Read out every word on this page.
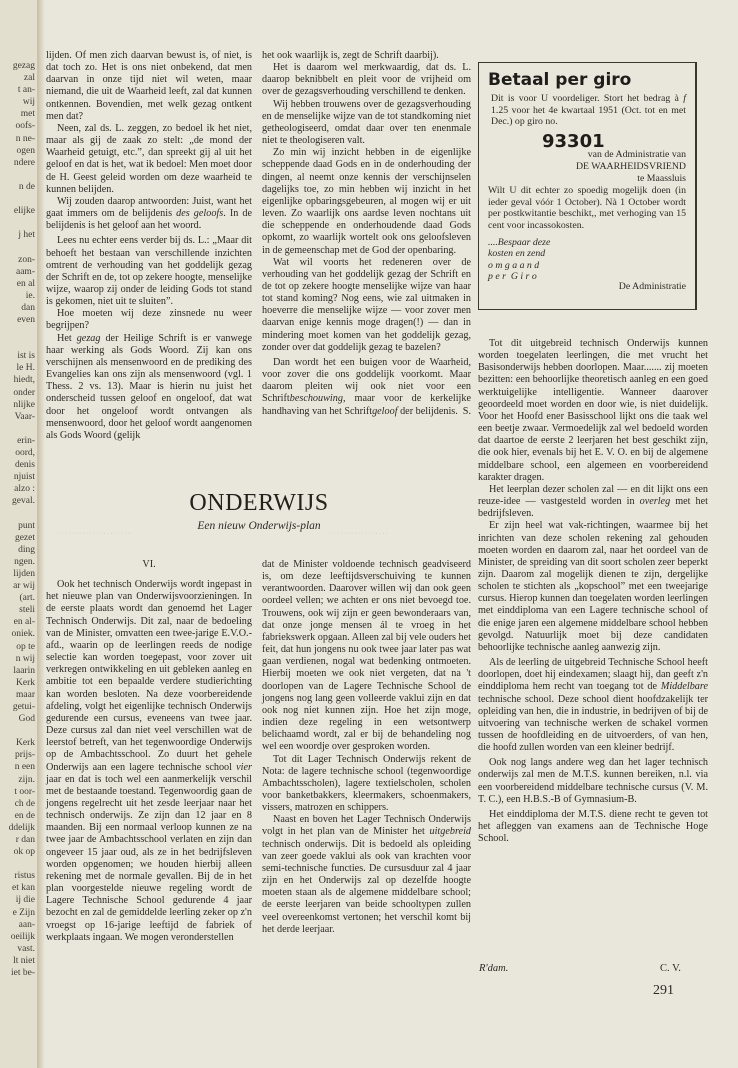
gezag
zal
t an-
wij
met
oofs-
n ne-
ogen
ndere

n de

elijke

j het

zon-
aam-
en al
ie.
dan
even

ist is
le H.
hiedt,
onder
nlijke
Vaar-

erin-
oord,
denis
njuist
alzo :
geval.

punt
gezet
ding
ngen.
lijden
ar wij
(art.
steli
en al-
oniek.
op te
n wij
laarin
Kerk
maar
getui-
God

Kerk
prijs-
n een
zijn.
t oor-
ch de
en de
ddelijk
r dan
ok op

ristus
et kan
ij die
e Zijn
aan-
oeilijk
vast.
lt niet
iet be-

lijden. Of men zich daarvan bewust is, of niet, is dat toch zo. Het is ons niet onbekend, dat men daarvan in onze tijd niet wil weten, maar niemand, die uit de Waarheid leeft, zal dat kunnen ontkennen. Bovendien, met welk gezag ontkent men dat?

Neen, zal ds. L. zeggen, zo bedoel ik het niet, maar als gij de zaak zo stelt: „de mond der Waarheid getuigt, etc.”, dan spreekt gij al uit het geloof en dat is het, wat ik bedoel: Men moet door de H. Geest geleid worden om deze waarheid te kunnen belijden.

Wij zouden daarop antwoorden: Juist, want het gaat immers om de belijdenis des geloofs. In de belijdenis is het geloof aan het woord.

Lees nu echter eens verder bij ds. L.: „Maar dit behoeft het bestaan van verschillende inzichten omtrent de verhouding van het goddelijk gezag der Schrift en de, tot op zekere hoogte, menselijke wijze, waarop zij onder de leiding Gods tot stand is gekomen, niet uit te sluiten”.

Hoe moeten wij deze zinsnede nu weer begrijpen?

Het gezag der Heilige Schrift is er vanwege haar werking als Gods Woord. Zij kan ons verschijnen als mensenwoord en de prediking des Evangelies kan ons zijn als mensenwoord (vgl. 1 Thess. 2 vs. 13). Maar is hierin nu juist het onderscheid tussen geloof en ongeloof, dat wat door het ongeloof wordt ontvangen als mensenwoord, door het geloof wordt aangenomen als Gods Woord (gelijk

het ook waarlijk is, zegt de Schrift daarbij).

Het is daarom wel merkwaardig, dat ds. L. daarop beknibbelt en pleit voor de vrijheid om over de gezagsverhouding verschillend te denken.

Wij hebben trouwens over de gezagsverhouding en de menselijke wijze van de tot standkoming niet getheologiseerd, omdat daar over ten enenmale niet te theologiseren valt.

Zo min wij inzicht hebben in de eigenlijke scheppende daad Gods en in de onderhouding der dingen, al neemt onze kennis der verschijnselen dagelijks toe, zo min hebben wij inzicht in het eigenlijke opbaringsgebeuren, al mogen wij er uit leven. Zo waarlijk ons aardse leven nochtans uit die scheppende en onderhoudende daad Gods opkomt, zo waarlijk wortelt ook ons geloofsleven in de gemeenschap met de God der openbaring.

Wat wil voorts het redeneren over de verhouding van het goddelijk gezag der Schrift en de tot op zekere hoogte menselijke wijze van haar tot stand koming? Nog eens, wie zal uitmaken in hoeverre die menselijke wijze — voor zover men daarvan enige kennis moge dragen(!) — dan in mindering moet komen van het goddelijk gezag, zonder over dat goddelijk gezag te bazelen?

Dan wordt het een buigen voor de Waarheid, voor zover die ons goddelijk voorkomt. Maar daarom pleiten wij ook niet voor een Schriftbeschouwing, maar voor de kerkelijke handhaving van het Schriftgeloof der belijdenis. S.
Betaal per giro
Dit is voor U voordeliger. Stort het bedrag à f 1.25 voor het 4e kwartaal 1951 (Oct. tot en met Dec.) op giro no.
93301
van de Administratie van
DE WAARHEIDSVRIEND
te Maassluis
Wilt U dit echter zo spoedig mogelijk doen (in ieder geval vóór 1 October). Nà 1 October wordt per postkwitantie beschikt,, met verhoging van 15 cent voor incassokosten.
....Bespaar deze
kosten en zend
o m g a a n d
p e r  G i r o
De Administratie

Tot dit uitgebreid technisch Onderwijs kunnen worden toegelaten leerlingen, die met vrucht het Basisonderwijs hebben doorlopen. Maar....... zij moeten bezitten: een behoorlijke theoretisch aanleg en een goed werktuigelijke intelligentie. Wanneer daarover geoordeeld moet worden en door wie, is niet duidelijk. Voor het Hoofd ener Basisschool lijkt ons die taak wel een beetje zwaar. Vermoedelijk zal wel bedoeld worden dat daartoe de eerste 2 leerjaren het best geschikt zijn, die ook hier, evenals bij het E. V. O. en bij de algemene middelbare school, een algemeen en voorbereidend karakter dragen.

Het leerplan dezer scholen zal — en dit lijkt ons een reuze-idee — vastgesteld worden in overleg met het bedrijfsleven.

Er zijn heel wat vak-richtingen, waarmee bij het inrichten van deze scholen rekening zal gehouden moeten worden en daarom zal, naar het oordeel van de Minister, de spreiding van dit soort scholen zeer beperkt zijn. Daarom zal mogelijk dienen te zijn, dergelijke scholen te stichten als „kopschool” met een tweejarige cursus. Hierop kunnen dan toegelaten worden leerlingen met einddiploma van een Lagere technische school of die enige jaren een algemene middelbare school hebben gevolgd. Natuurlijk moet bij deze candidaten behoorlijke technische aanleg aanwezig zijn.

Als de leerling de uitgebreid Technische School heeft doorlopen, doet hij eindexamen; slaagt hij, dan geeft z'n einddiploma hem recht van toegang tot de Middelbare technische school. Deze school dient hoofdzakelijk ter opleiding van hen, die in industrie, in bedrijven of bij de uitvoering van technische werken de schakel vormen tussen de hoofdleiding en de uitvoerders, of van hen, die hoofd zullen worden van een kleiner bedrijf.

Ook nog langs andere weg dan het lager technisch onderwijs zal men de M.T.S. kunnen bereiken, n.l. via een voorbereidend middelbare technische cursus (V. M. T. C.), een H.B.S.-B of Gymnasium-B.

Het einddiploma der M.T.S. diene recht te geven tot het afleggen van examens aan de Technische Hoge School.

· · · · · · · · · · · · · · · · · · · · ·	· · · · · · · · · · · · · · · · ·
ONDERWIJS
Een nieuw Onderwijs-plan
VI.

Ook het technisch Onderwijs wordt ingepast in het nieuwe plan van Onderwijsvoorzieningen. In de eerste plaats wordt dan genoemd het Lager Technisch Onderwijs. Dit zal, naar de bedoeling van de Minister, omvatten een twee-jarige E.V.O.-afd., waarin op de leerlingen reeds de nodige selectie kan worden toegepast, voor zover uit verkregen ontwikkeling en uit gebleken aanleg en ambitie tot een bepaalde verdere studierichting kan worden besloten. Na deze voorbereidende afdeling, volgt het eigenlijke technisch Onderwijs gedurende een cursus, eveneens van twee jaar. Deze cursus zal dan niet veel verschillen wat de leerstof betreft, van het tegenwoordige Onderwijs op de Ambachtsschool. Zo duurt het gehele Onderwijs aan een lagere technische school vier jaar en dat is toch wel een aanmerkelijk verschil met de bestaande toestand. Tegenwoordig gaan de jongens regelrecht uit het zesde leerjaar naar het technisch onderwijs. Ze zijn dan 12 jaar en 8 maanden. Bij een normaal verloop kunnen ze na twee jaar de Ambachtsschool verlaten en zijn dan ongeveer 15 jaar oud, als ze in het bedrijfsleven worden opgenomen; we houden hierbij alleen rekening met de normale gevallen. Bij de in het plan voorgestelde nieuwe regeling wordt de Lagere Technische School gedurende 4 jaar bezocht en zal de gemiddelde leerling zeker op z'n vroegst op 16-jarige leeftijd de fabriek of werkplaats ingaan. We mogen veronderstellen

dat de Minister voldoende technisch geadviseerd is, om deze leeftijdsverschuiving te kunnen verantwoorden. Daarover willen wij dan ook geen oordeel vellen; we achten er ons niet bevoegd toe. Trouwens, ook wij zijn er geen bewonderaars van, dat onze jonge mensen ál te vroeg in het fabriekswerk opgaan. Alleen zal bij vele ouders het feit, dat hun jongens nu ook twee jaar later pas wat gaan verdienen, nogal wat bedenking ontmoeten. Hierbij moeten we ook niet vergeten, dat na 't doorlopen van de Lagere Technische School de jongens nog lang geen volleerde vaklui zijn en dat ook nog niet kunnen zijn. Hoe het zijn moge, indien deze regeling in een wetsontwerp belichaamd wordt, zal er bij de behandeling nog wel een woordje over gesproken worden.

Tot dit Lager Technisch Onderwijs rekent de Nota: de lagere technische school (tegenwoordige Ambachtsscholen), lagere textielscholen, scholen voor banketbakkers, kleermakers, schoenmakers, vissers, matrozen en schippers.

Naast en boven het Lager Technisch Onderwijs volgt in het plan van de Minister het uitgebreid technisch onderwijs. Dit is bedoeld als opleiding van zeer goede vaklui als ook van krachten voor semi-technische functies. De cursusduur zal 4 jaar zijn en het Onderwijs zal op dezelfde hoogte moeten staan als de algemene middelbare school; de eerste leerjaren van beide schooltypen zullen veel overeenkomst vertonen; het verschil komt bij het derde leerjaar.

R'dam.	C. V.
291
